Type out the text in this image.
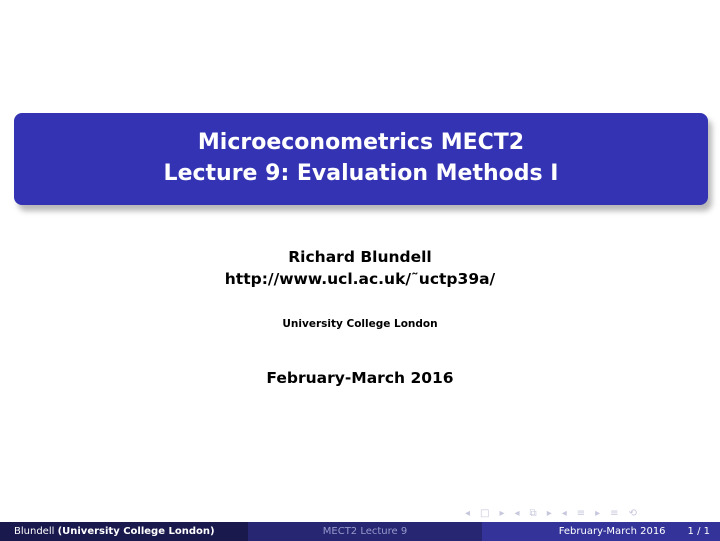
Microeconometrics MECT2
Lecture 9: Evaluation Methods I
Richard Blundell
http://www.ucl.ac.uk/˜uctp39a/
University College London
February-March 2016
◂ □ ▸ ◂ ⧉ ▸ ◂ ≡ ▸ ≡ ⟲
Blundell (University College London)	MECT2 Lecture 9	February-March 2016 1 / 1
